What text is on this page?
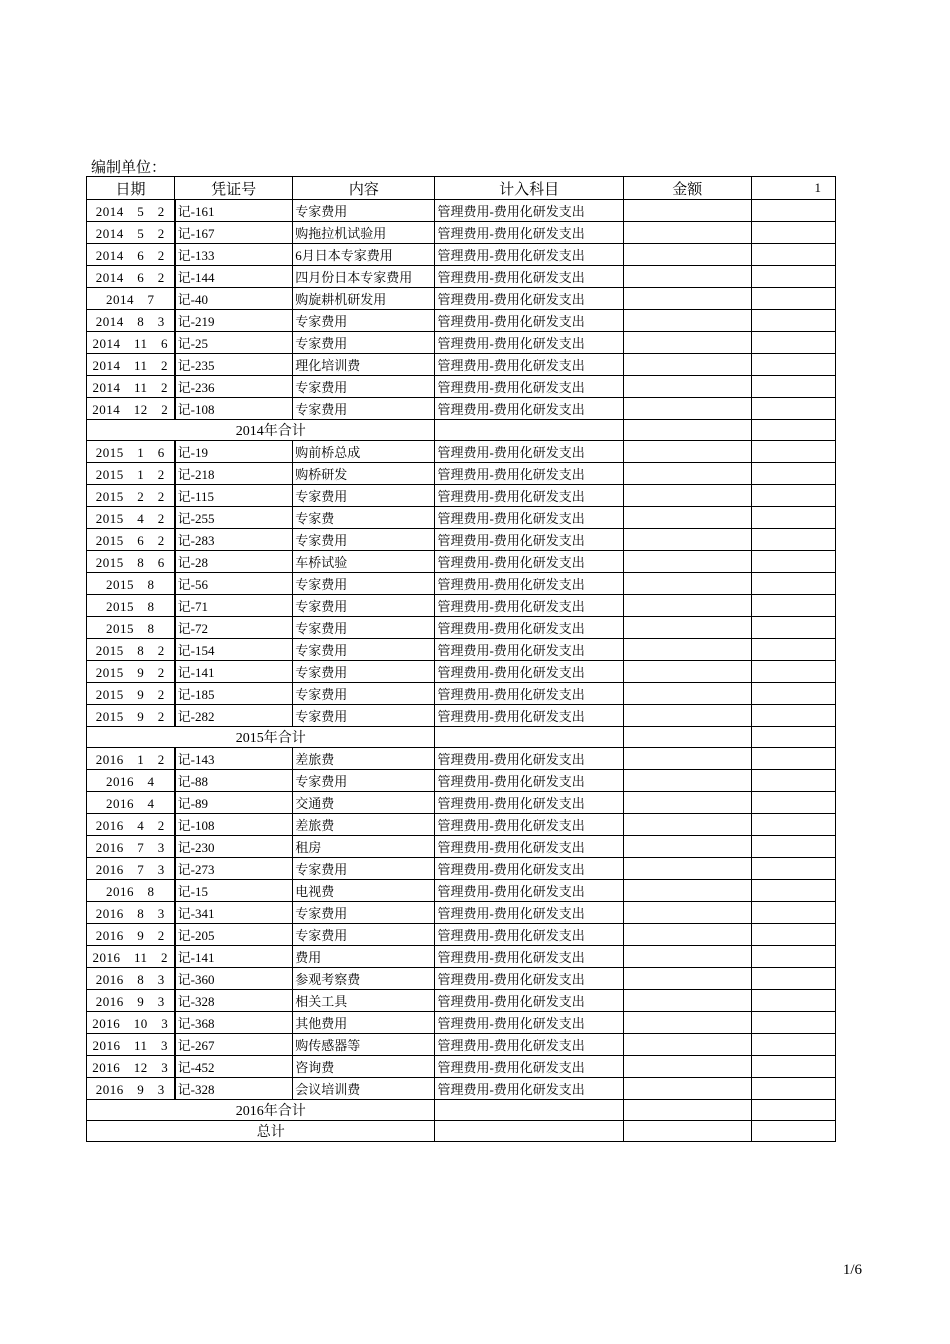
编制单位：
日期	凭证号	内容	计入科目	金额	1
2014　5　2	记-161	专家费用	管理费用-费用化研发支出		
2014　5　2	记-167	购拖拉机试验用	管理费用-费用化研发支出		
2014　6　2	记-133	6月日本专家费用	管理费用-费用化研发支出		
2014　6　2	记-144	四月份日本专家费用	管理费用-费用化研发支出		
2014　7	记-40	购旋耕机研发用	管理费用-费用化研发支出		
2014　8　3	记-219	专家费用	管理费用-费用化研发支出		
2014　11　6	记-25	专家费用	管理费用-费用化研发支出		
2014　11　2	记-235	理化培训费	管理费用-费用化研发支出		
2014　11　2	记-236	专家费用	管理费用-费用化研发支出		
2014　12　2	记-108	专家费用	管理费用-费用化研发支出		
2014年合计					
2015　1　6	记-19	购前桥总成	管理费用-费用化研发支出		
2015　1　2	记-218	购桥研发	管理费用-费用化研发支出		
2015　2　2	记-115	专家费用	管理费用-费用化研发支出		
2015　4　2	记-255	专家费	管理费用-费用化研发支出		
2015　6　2	记-283	专家费用	管理费用-费用化研发支出		
2015　8　6	记-28	车桥试验	管理费用-费用化研发支出		
2015　8	记-56	专家费用	管理费用-费用化研发支出		
2015　8	记-71	专家费用	管理费用-费用化研发支出		
2015　8	记-72	专家费用	管理费用-费用化研发支出		
2015　8　2	记-154	专家费用	管理费用-费用化研发支出		
2015　9　2	记-141	专家费用	管理费用-费用化研发支出		
2015　9　2	记-185	专家费用	管理费用-费用化研发支出		
2015　9　2	记-282	专家费用	管理费用-费用化研发支出		
2015年合计					
2016　1　2	记-143	差旅费	管理费用-费用化研发支出		
2016　4	记-88	专家费用	管理费用-费用化研发支出		
2016　4	记-89	交通费	管理费用-费用化研发支出		
2016　4　2	记-108	差旅费	管理费用-费用化研发支出		
2016　7　3	记-230	租房	管理费用-费用化研发支出		
2016　7　3	记-273	专家费用	管理费用-费用化研发支出		
2016　8	记-15	电视费	管理费用-费用化研发支出		
2016　8　3	记-341	专家费用	管理费用-费用化研发支出		
2016　9　2	记-205	专家费用	管理费用-费用化研发支出		
2016　11　2	记-141	费用	管理费用-费用化研发支出		
2016　8　3	记-360	参观考察费	管理费用-费用化研发支出		
2016　9　3	记-328	相关工具	管理费用-费用化研发支出		
2016　10　3	记-368	其他费用	管理费用-费用化研发支出		
2016　11　3	记-267	购传感器等	管理费用-费用化研发支出		
2016　12　3	记-452	咨询费	管理费用-费用化研发支出		
2016　9　3	记-328	会议培训费	管理费用-费用化研发支出		
2016年合计					
总计					
1/6
